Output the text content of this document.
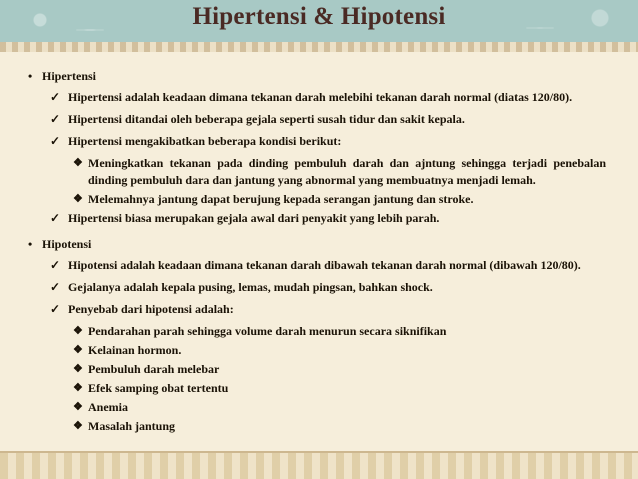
Hipertensi & Hipotensi
• Hipertensi
✓ Hipertensi adalah keadaan dimana tekanan darah melebihi tekanan darah normal (diatas 120/80).
✓ Hipertensi ditandai oleh beberapa gejala seperti susah tidur dan sakit kepala.
✓ Hipertensi mengakibatkan beberapa kondisi berikut:
❖ Meningkatkan tekanan pada dinding pembuluh darah dan ajntung sehingga terjadi penebalan dinding pembuluh dara dan jantung yang abnormal yang membuatnya menjadi lemah.
❖ Melemahnya jantung dapat berujung kepada serangan jantung dan stroke.
✓ Hipertensi biasa merupakan gejala awal dari penyakit yang lebih parah.
• Hipotensi
✓ Hipotensi adalah keadaan dimana tekanan darah dibawah tekanan darah normal (dibawah 120/80).
✓ Gejalanya adalah kepala pusing, lemas, mudah pingsan, bahkan shock.
✓ Penyebab dari hipotensi adalah:
❖ Pendarahan parah sehingga volume darah menurun secara siknifikan
❖ Kelainan hormon.
❖ Pembuluh darah melebar
❖ Efek samping obat tertentu
❖ Anemia
❖ Masalah jantung
